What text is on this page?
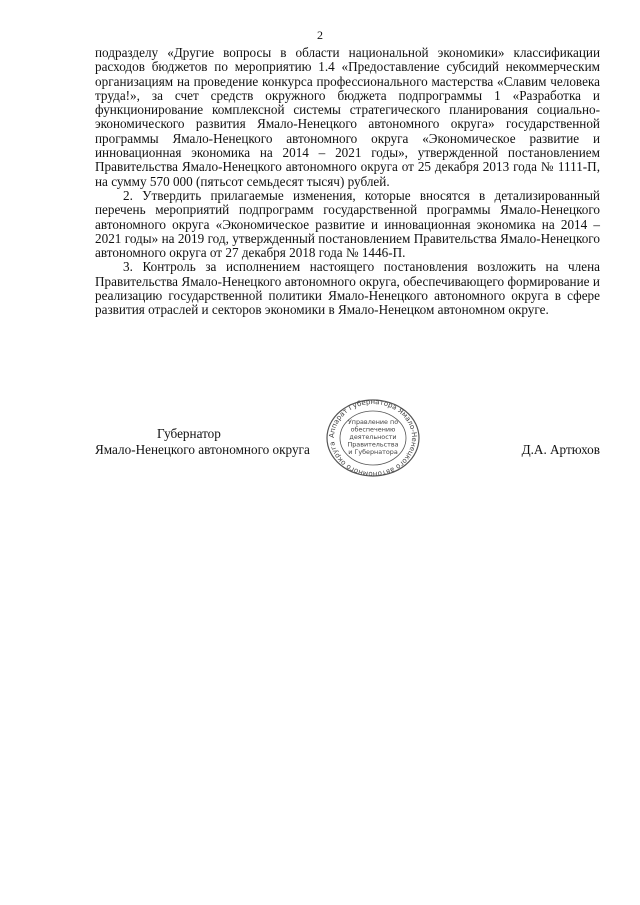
2

подразделу «Другие вопросы в области национальной экономики» классификации расходов бюджетов по мероприятию 1.4 «Предоставление субсидий некоммерческим организациям на проведение конкурса профессионального мастерства «Славим человека труда!», за счет средств окружного бюджета подпрограммы 1 «Разработка и функционирование комплексной системы стратегического планирования социально-экономического развития Ямало-Ненецкого автономного округа» государственной программы Ямало-Ненецкого автономного округа «Экономическое развитие и инновационная экономика на 2014 – 2021 годы», утвержденной постановлением Правительства Ямало-Ненецкого автономного округа от 25 декабря 2013 года № 1111-П, на сумму 570 000 (пятьсот семьдесят тысяч) рублей.

2. Утвердить прилагаемые изменения, которые вносятся в детализированный перечень мероприятий подпрограмм государственной программы Ямало-Ненецкого автономного округа «Экономическое развитие и инновационная экономика на 2014 – 2021 годы» на 2019 год, утвержденный постановлением Правительства Ямало-Ненецкого автономного округа от 27 декабря 2018 года № 1446-П.

3. Контроль за исполнением настоящего постановления возложить на члена Правительства Ямало-Ненецкого автономного округа, обеспечивающего формирование и реализацию государственной политики Ямало-Ненецкого автономного округа в сфере развития отраслей и секторов экономики в Ямало-Ненецком автономном округе.

Губернатор
Ямало-Ненецкого автономного округа	Д.А. Артюхов
Аппарат Губернатора Ямало-Ненецкого автономного округа
Управление по
обеспечению
деятельности
Правительства
и Губернатора
